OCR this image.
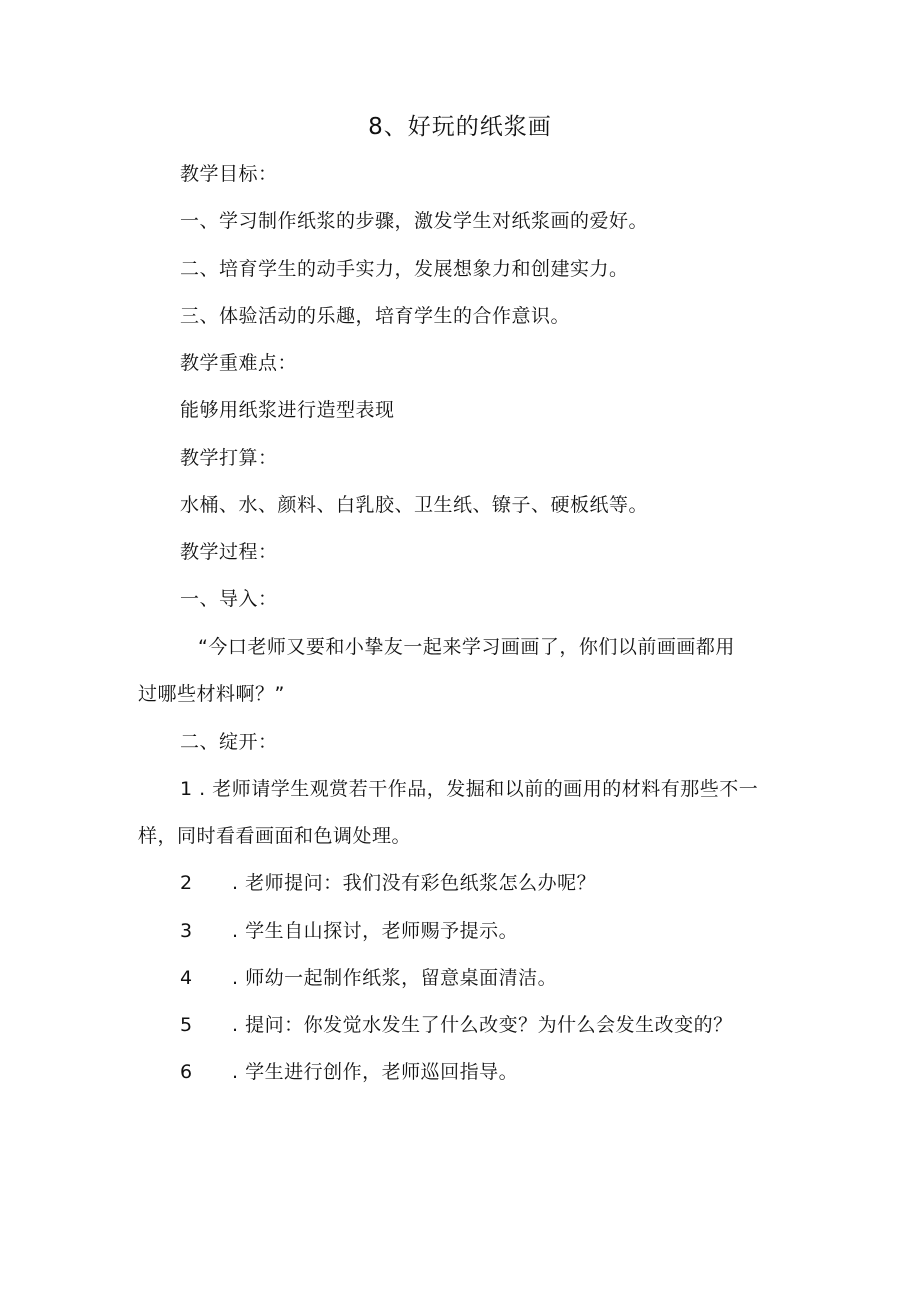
8、好玩的纸浆画
教学目标：
一、学习制作纸浆的步骤，激发学生对纸浆画的爱好。
二、培育学生的动手实力，发展想象力和创建实力。
三、体验活动的乐趣，培育学生的合作意识。
教学重难点：
能够用纸浆进行造型表现
教学打算：
水桶、水、颜料、白乳胶、卫生纸、镣子、硬板纸等。
教学过程：
一、导入：
“今口老师又要和小挚友一起来学习画画了，你们以前画画都用
过哪些材料啊？”
二、绽开：
1 . 老师请学生观赏若干作品，发掘和以前的画用的材料有那些不一
样，同时看看画面和色调处理。
2 . 老师提问：我们没有彩色纸浆怎么办呢？
3 . 学生自山探讨，老师赐予提示。
4 . 师幼一起制作纸浆，留意桌面清洁。
5 . 提问：你发觉水发生了什么改变？为什么会发生改变的？
6 . 学生进行创作，老师巡回指导。
